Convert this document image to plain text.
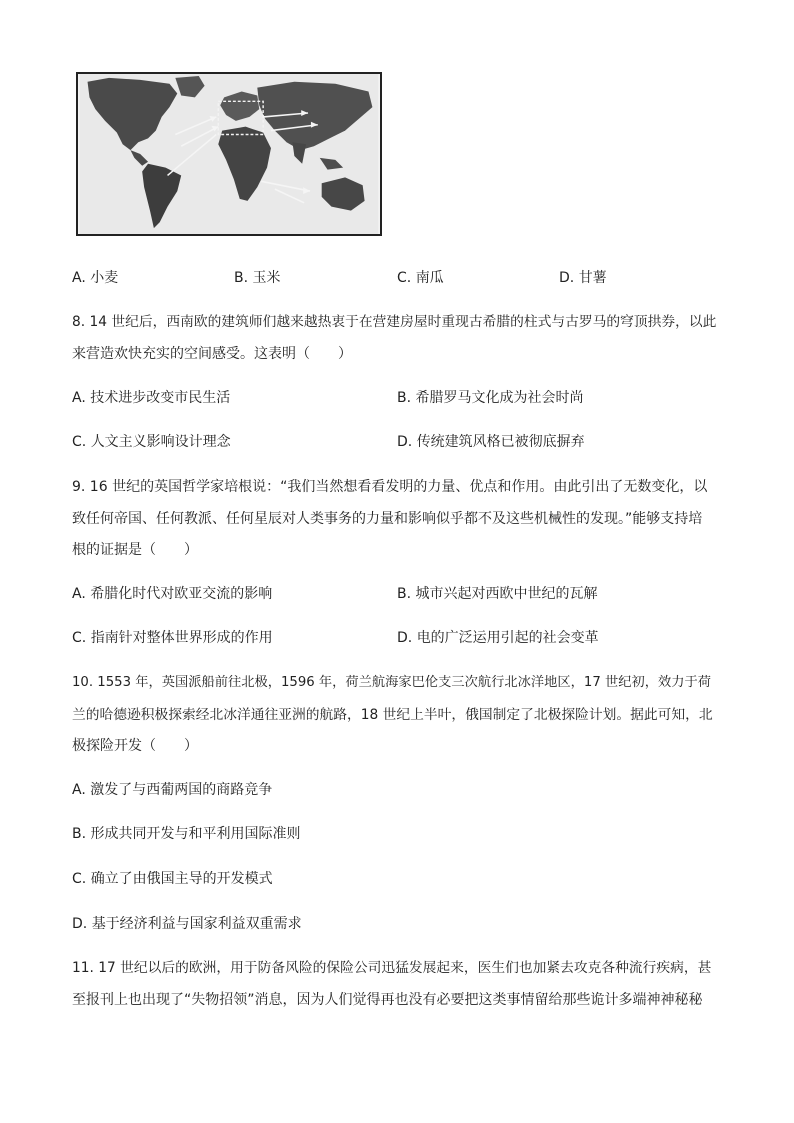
A. 小麦	B. 玉米	C. 南瓜	D. 甘薯
8. 14 世纪后，西南欧的建筑师们越来越热衷于在营建房屋时重现古希腊的柱式与古罗马的穹顶拱券，以此
来营造欢快充实的空间感受。这表明（　　）
A. 技术进步改变市民生活	B. 希腊罗马文化成为社会时尚
C. 人文主义影响设计理念	D. 传统建筑风格已被彻底摒弃
9. 16 世纪的英国哲学家培根说：“我们当然想看看发明的力量、优点和作用。由此引出了无数变化，以
致任何帝国、任何教派、任何星辰对人类事务的力量和影响似乎都不及这些机械性的发现。”能够支持培
根的证据是（　　）
A. 希腊化时代对欧亚交流的影响	B. 城市兴起对西欧中世纪的瓦解
C. 指南针对整体世界形成的作用	D. 电的广泛运用引起的社会变革
10. 1553 年，英国派船前往北极，1596 年，荷兰航海家巴伦支三次航行北冰洋地区，17 世纪初，效力于荷
兰的哈德逊积极探索经北冰洋通往亚洲的航路，18 世纪上半叶，俄国制定了北极探险计划。据此可知，北
极探险开发（　　）
A. 激发了与西葡两国的商路竞争
B. 形成共同开发与和平利用国际准则
C. 确立了由俄国主导的开发模式
D. 基于经济利益与国家利益双重需求
11. 17 世纪以后的欧洲，用于防备风险的保险公司迅猛发展起来，医生们也加紧去攻克各种流行疾病，甚
至报刊上也出现了“失物招领”消息，因为人们觉得再也没有必要把这类事情留给那些诡计多端神神秘秘
